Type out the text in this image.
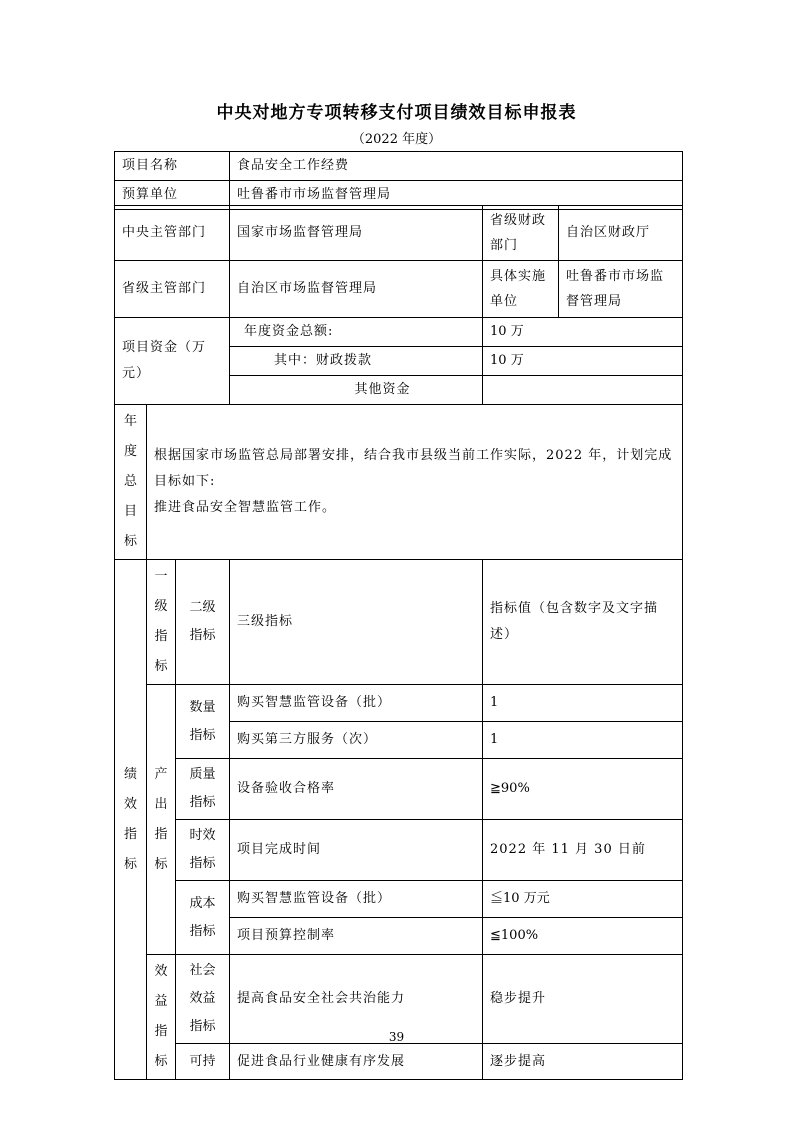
中央对地方专项转移支付项目绩效目标申报表
（2022 年度）
项目名称	食品安全工作经费
预算单位	吐鲁番市市场监督管理局
中央主管部门			国家市场监督管理局	省级财政部门	自治区财政厅
省级主管部门			自治区市场监督管理局	具体实施单位	吐鲁番市市场监督管理局
项目资金（万元）			年度资金总额:	10 万	
			其中：财政拨款	10 万	
			其他资金		

年度总目标	根据国家市场监管总局部署安排，结合我市县级当前工作实际，2022 年，计划完成目标如下:
推进食品安全智慧监管工作。				

绩效指标	一级指标	二级指标	三级指标	指标值（包含数字及文字描述）	

	产出指标	数量指标	购买智慧监管设备（批）	1	
			购买第三方服务（次）	1	

		质量指标	设备验收合格率	≧90%	

		时效指标	项目完成时间	2022 年 11 月 30 日前	

		成本指标	购买智慧监管设备（批）	≦10 万元	
			项目预算控制率	≦100%	

	效益指标	社会效益指标	提高食品安全社会共治能力	稳步提升	
		可持	促进食品行业健康有序发展	逐步提高	
39
